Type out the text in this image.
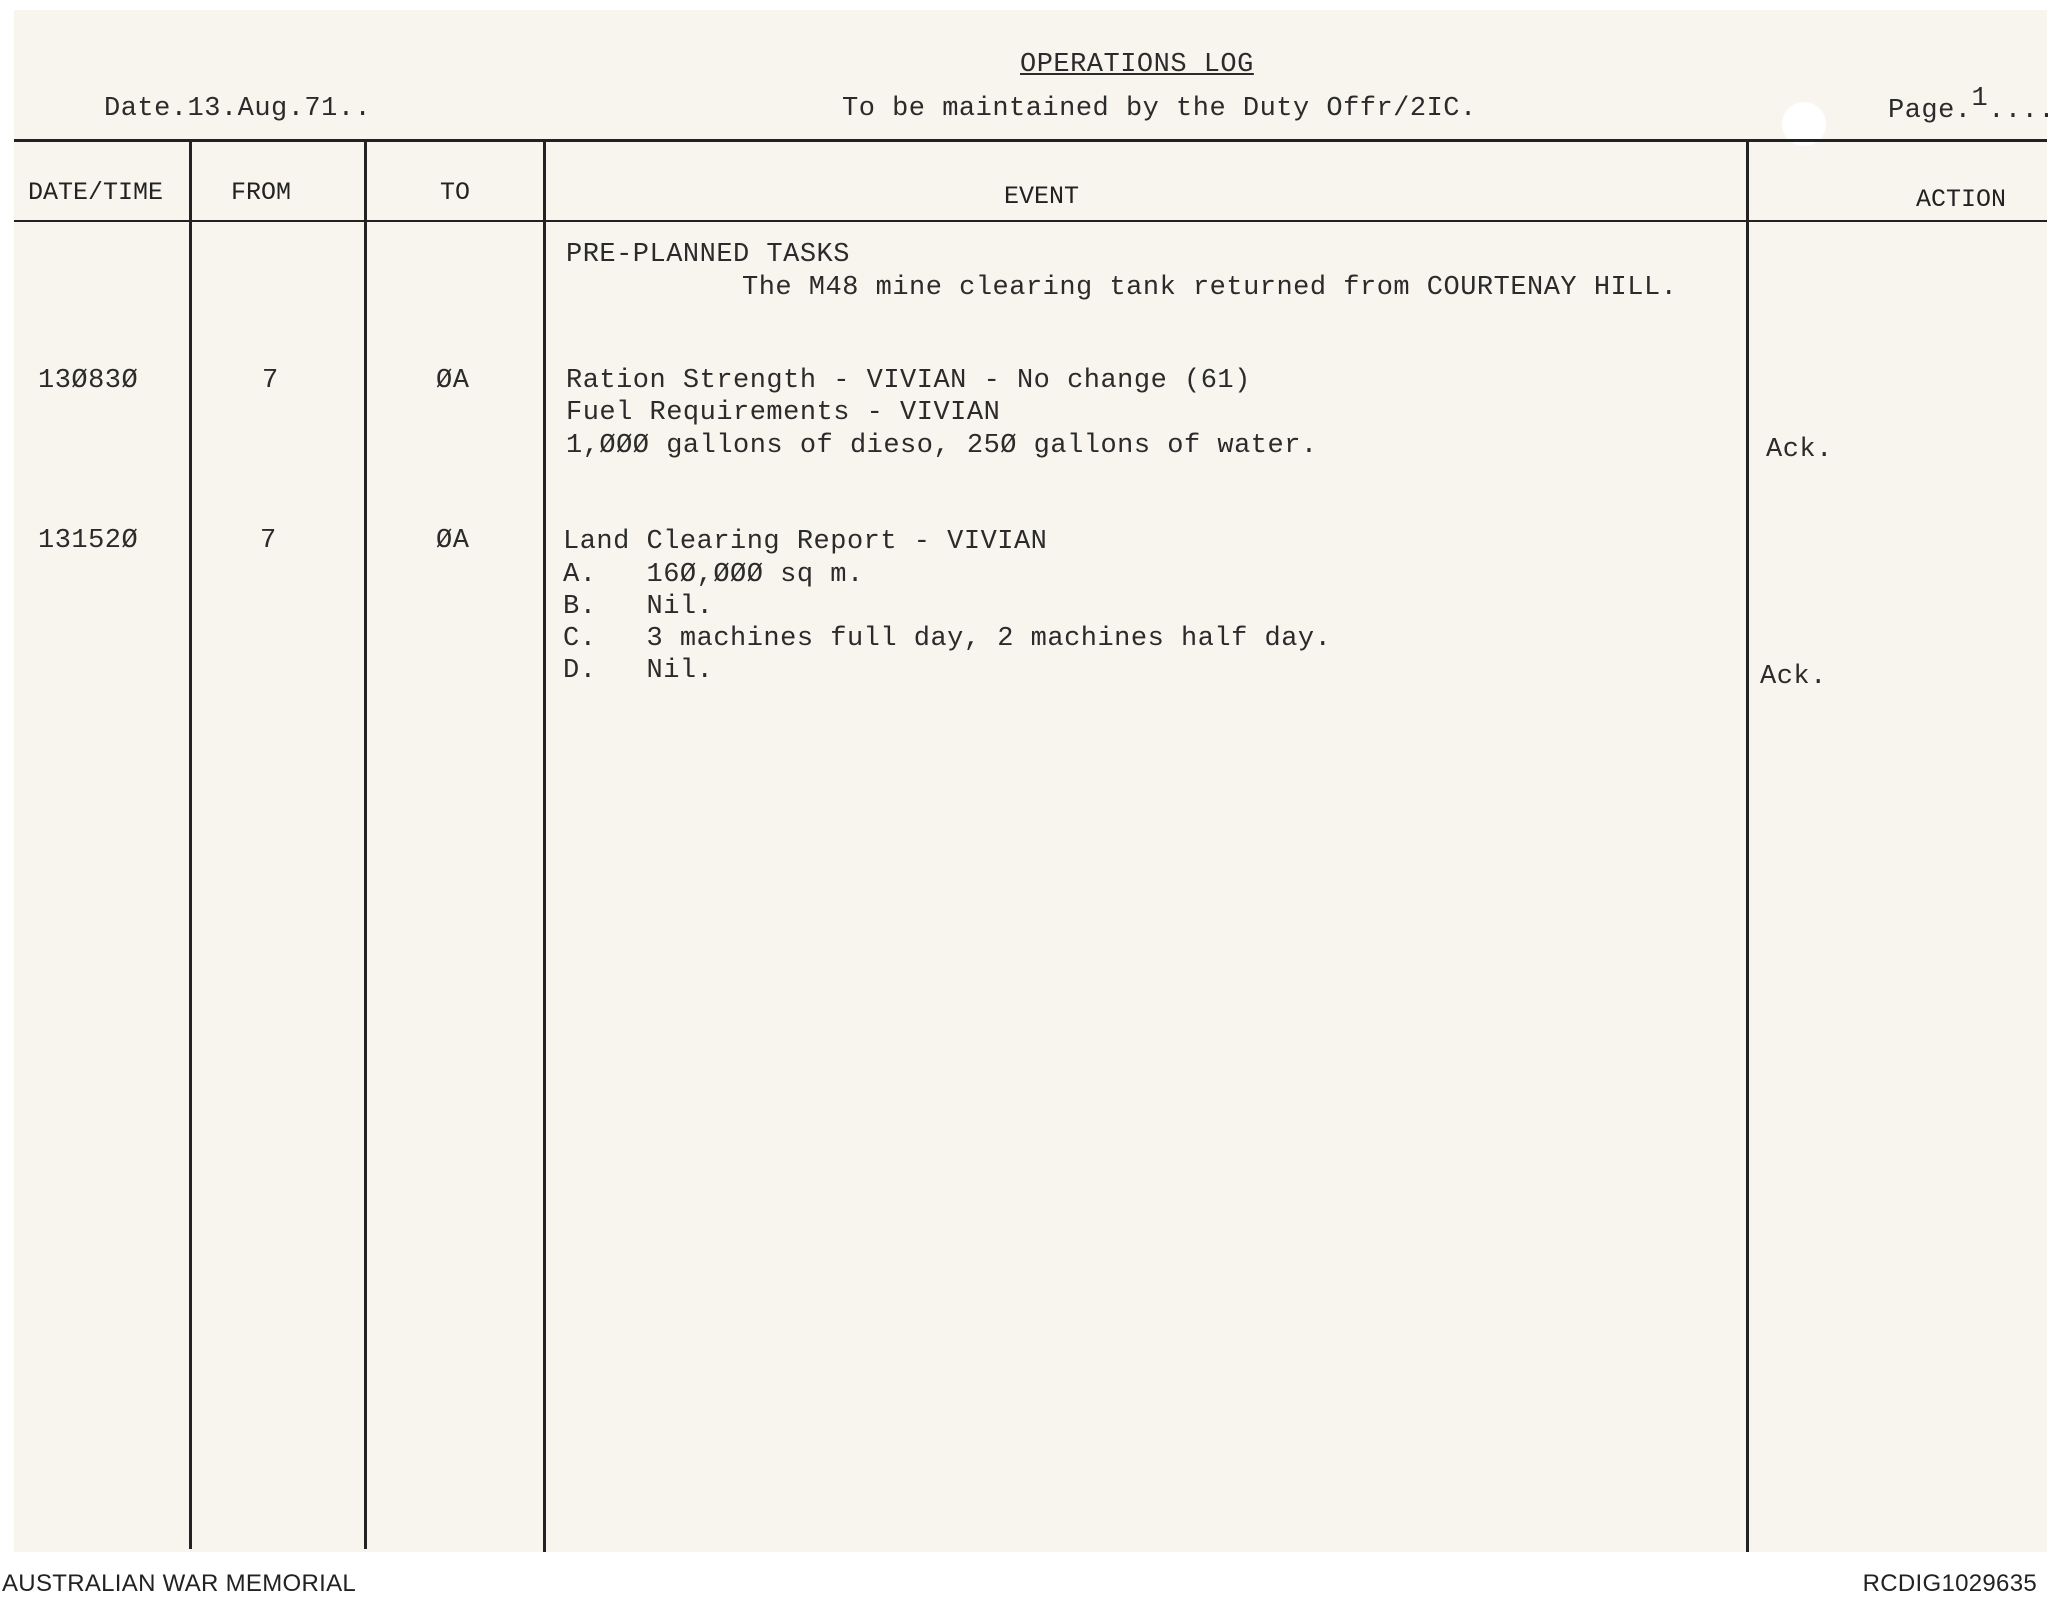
OPERATIONS LOG
Date.13.Aug.71..	To be maintained by the Duty Offr/2IC.	Page.1....
DATE/TIME	FROM	TO	EVENT	ACTION
PRE-PLANNED TASKS
The M48 mine clearing tank returned from COURTENAY HILL.
13Ø83Ø	7	ØA	Ration Strength - VIVIAN - No change (61)
Fuel Requirements - VIVIAN
1,ØØØ gallons of dieso, 25Ø gallons of water.	Ack.
13152Ø	7	ØA	Land Clearing Report - VIVIAN
A.   16Ø,ØØØ sq m.
B.   Nil.
C.   3 machines full day, 2 machines half day.
D.   Nil.	Ack.
AUSTRALIAN WAR MEMORIAL	RCDIG1029635
